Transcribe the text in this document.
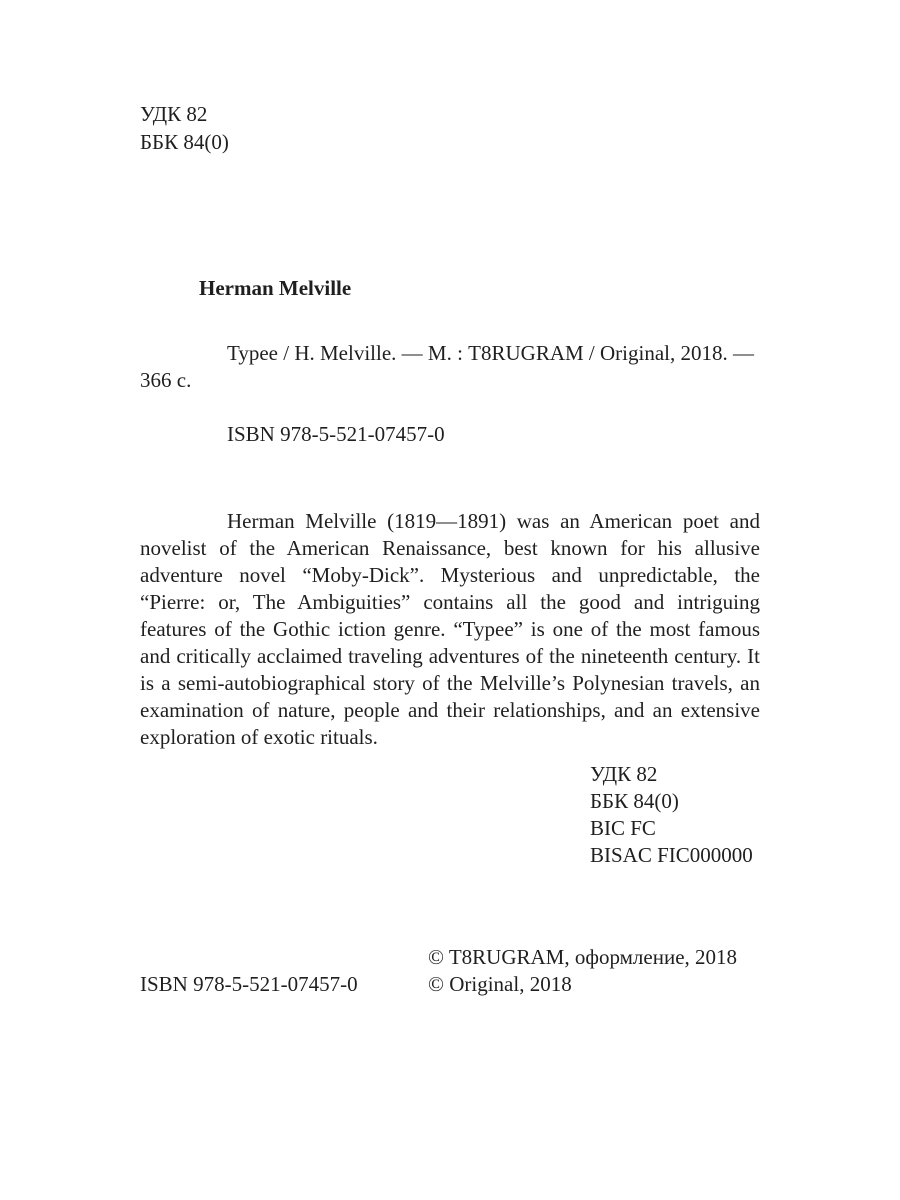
УДК 82
ББК 84(0)

Herman Melville

Typee / H. Melville. — М. : T8RUGRAM / Original, 2018. — 366 с.

ISBN 978-5-521-07457-0

Herman Melville (1819—1891) was an American poet and novelist of the American Renaissance, best known for his allusive adventure novel “Moby-Dick”. Mysterious and unpredictable, the “Pierre: or, The Ambiguities” contains all the good and intriguing features of the Gothic iction genre. “Typee” is one of the most famous and critically acclaimed traveling adventures of the nineteenth century. It is a semi-autobiographical story of the Melville’s Polynesian travels, an examination of nature, people and their relationships, and an extensive exploration of exotic rituals.

УДК 82
ББК 84(0)
BIC FC
BISAC FIC000000
© T8RUGRAM, оформление, 2018
© Original, 2018
ISBN 978-5-521-07457-0
